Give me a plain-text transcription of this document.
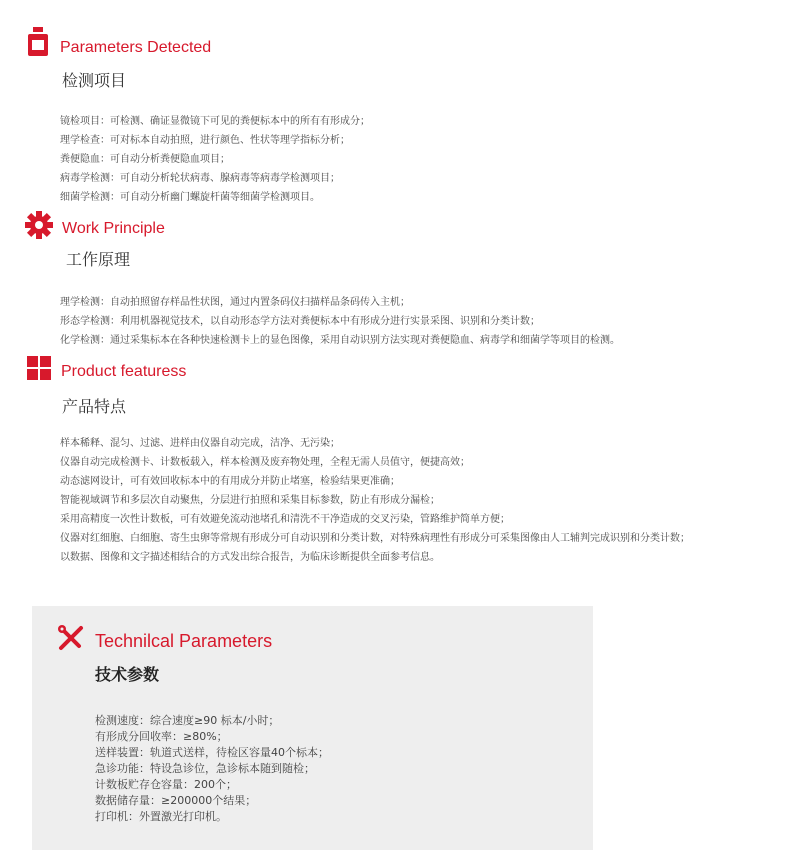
Parameters Detected
检测项目
镜检项目：可检测、确证显微镜下可见的粪便标本中的所有有形成分；
理学检查：可对标本自动拍照，进行颜色、性状等理学指标分析；
粪便隐血：可自动分析粪便隐血项目；
病毒学检测：可自动分析轮状病毒、腺病毒等病毒学检测项目；
细菌学检测：可自动分析幽门螺旋杆菌等细菌学检测项目。
Work Principle
工作原理
理学检测：自动拍照留存样品性状图，通过内置条码仪扫描样品条码传入主机；
形态学检测：利用机器视觉技术，以自动形态学方法对粪便标本中有形成分进行实景采图、识别和分类计数；
化学检测：通过采集标本在各种快速检测卡上的显色图像，采用自动识别方法实现对粪便隐血、病毒学和细菌学等项目的检测。
Product featuress
产品特点
样本稀释、混匀、过滤、进样由仪器自动完成，洁净、无污染；
仪器自动完成检测卡、计数板载入，样本检测及废弃物处理，全程无需人员值守，便捷高效；
动态滤网设计，可有效回收标本中的有用成分并防止堵塞，检验结果更准确；
智能视域调节和多层次自动聚焦，分层进行拍照和采集目标参数，防止有形成分漏检；
采用高精度一次性计数板，可有效避免流动池堵孔和清洗不干净造成的交叉污染，管路维护简单方便；
仪器对红细胞、白细胞、寄生虫卵等常规有形成分可自动识别和分类计数，对特殊病理性有形成分可采集图像由人工辅判完成识别和分类计数；
以数据、图像和文字描述相结合的方式发出综合报告，为临床诊断提供全面参考信息。
Technilcal Parameters
技术参数
检测速度：综合速度≥90 标本/小时；
有形成分回收率：≥80%；
送样装置：轨道式送样，待检区容量40个标本；
急诊功能：特设急诊位，急诊标本随到随检；
计数板贮存仓容量：200个；
数据储存量：≥200000个结果；
打印机：外置激光打印机。
